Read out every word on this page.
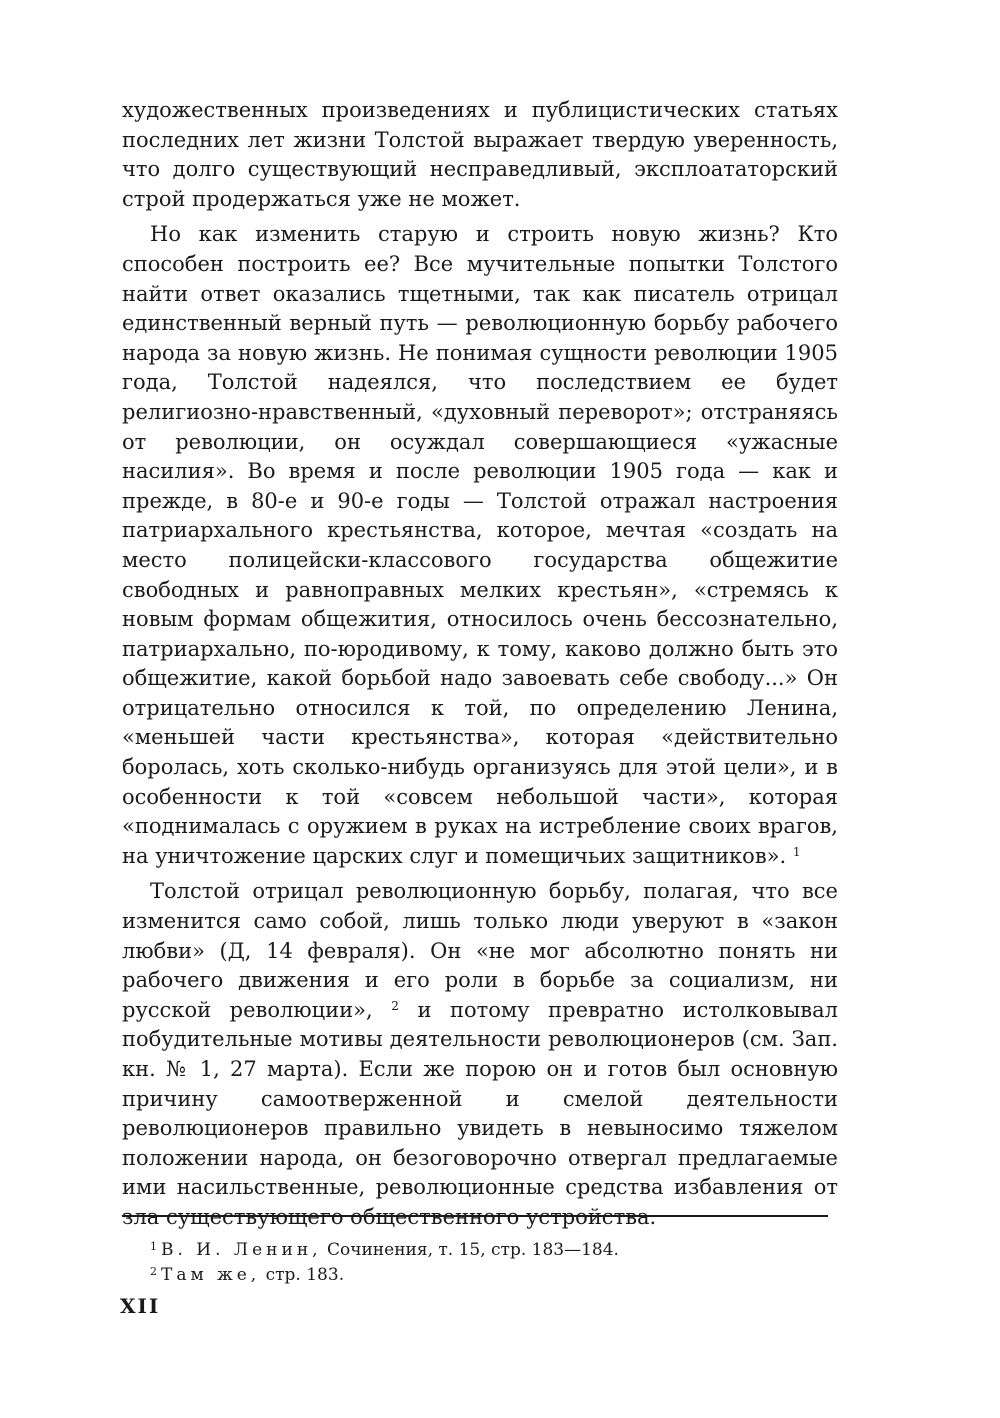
художественных произведениях и публицистических статьях последних лет жизни Толстой выражает твердую уверенность, что долго существующий несправедливый, эксплоататорский строй продержаться уже не может.

Но как изменить старую и строить новую жизнь? Кто способен построить ее? Все мучительные попытки Толстого найти ответ оказались тщетными, так как писатель отрицал единственный верный путь — революционную борьбу рабочего народа за новую жизнь. Не понимая сущности революции 1905 года, Толстой надеялся, что последствием ее будет религиозно-нравственный, «духовный переворот»; отстраняясь от революции, он осуждал совершающиеся «ужасные насилия». Во время и после революции 1905 года — как и прежде, в 80-е и 90-е годы — Толстой отражал настроения патриархального крестьянства, которое, мечтая «создать на место полицейски-классового государства общежитие свободных и равноправных мелких крестьян», «стремясь к новым формам общежития, относилось очень бессознательно, патриархально, по-юродивому, к тому, каково должно быть это общежитие, какой борьбой надо завоевать себе свободу...» Он отрицательно относился к той, по определению Ленина, «меньшей части крестьянства», которая «действительно боролась, хоть сколько-нибудь организуясь для этой цели», и в особенности к той «совсем небольшой части», которая «поднималась с оружием в руках на истребление своих врагов, на уничтожение царских слуг и помещичьих защитников». $^1$

Толстой отрицал революционную борьбу, полагая, что все изменится само собой, лишь только люди уверуют в «закон любви» (Д, 14 февраля). Он «не мог абсолютно понять ни рабочего движения и его роли в борьбе за социализм, ни русской революции», $^2$ и потому превратно истолковывал побудительные мотивы деятельности революционеров (см. Зап. кн. № 1, 27 марта). Если же порою он и готов был основную причину самоотверженной и смелой деятельности революционеров правильно увидеть в невыносимо тяжелом положении народа, он безоговорочно отвергал предлагаемые ими насильственные, революционные средства избавления от зла существующего общественного устройства.

$^1$ В. И. Ленин, Сочинения, т. 15, стр. 183—184.

$^2$ Там же, стр. 183.

XII
